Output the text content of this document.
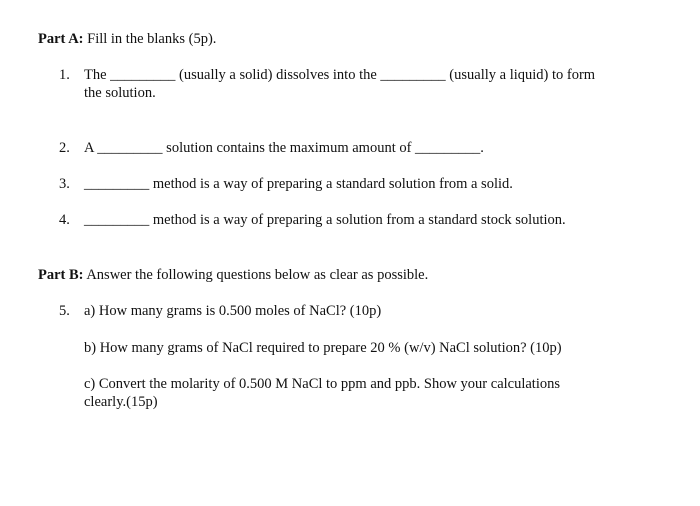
Part A: Fill in the blanks (5p).
1. The _________ (usually a solid) dissolves into the _________ (usually a liquid) to form
the solution.
2. A _________ solution contains the maximum amount of _________.
3. _________ method is a way of preparing a standard solution from a solid.
4. _________ method is a way of preparing a solution from a standard stock solution.
Part B: Answer the following questions below as clear as possible.
5. a) How many grams is 0.500 moles of NaCl? (10p)
b) How many grams of NaCl required to prepare 20 % (w/v) NaCl solution? (10p)
c) Convert the molarity of 0.500 M NaCl to ppm and ppb. Show your calculations
clearly.(15p)
